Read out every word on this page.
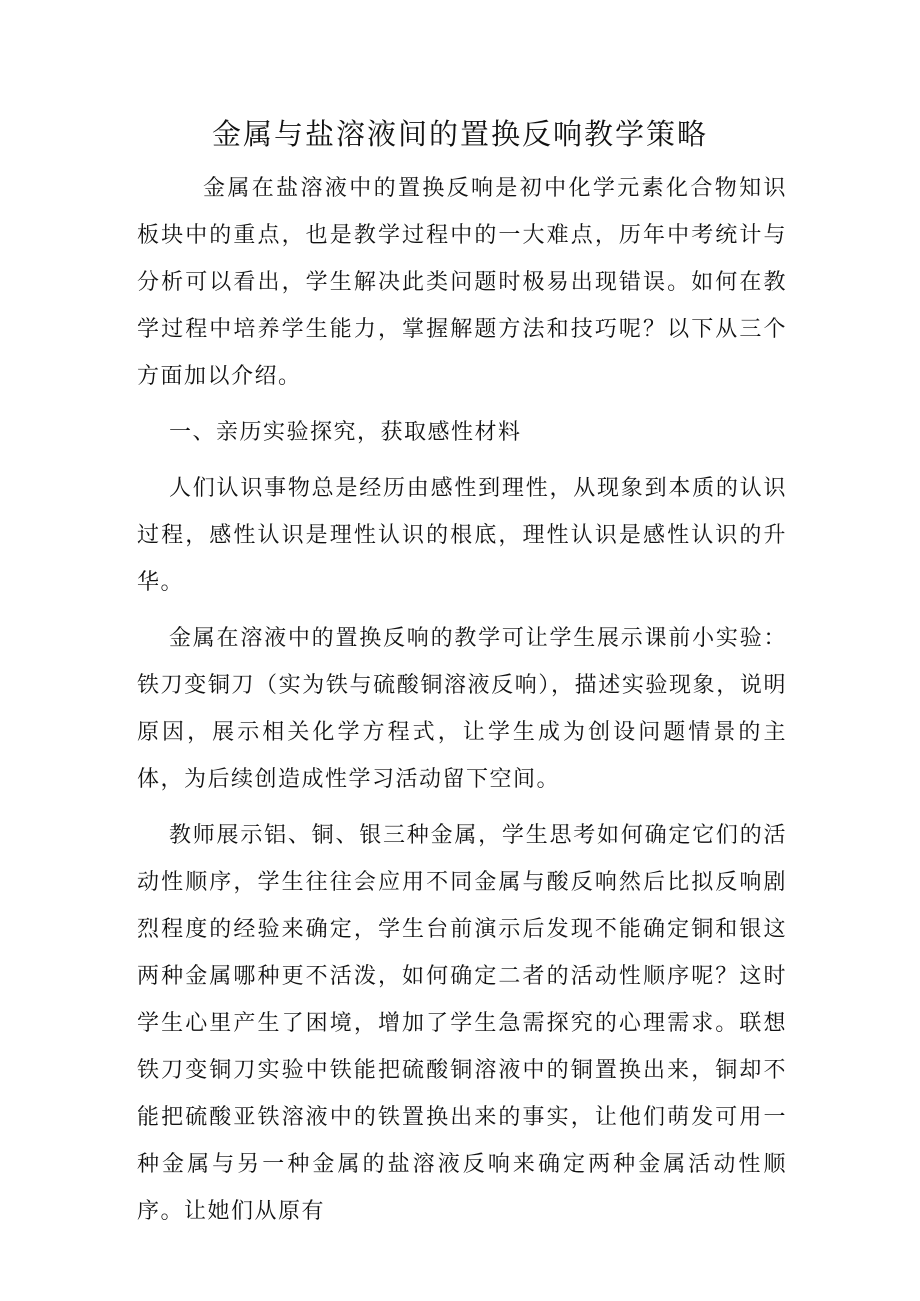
金属与盐溶液间的置换反响教学策略

金属在盐溶液中的置换反响是初中化学元素化合物知识板块中的重点，也是教学过程中的一大难点，历年中考统计与分析可以看出，学生解决此类问题时极易出现错误。如何在教学过程中培养学生能力，掌握解题方法和技巧呢？以下从三个方面加以介绍。

一、亲历实验探究，获取感性材料

人们认识事物总是经历由感性到理性，从现象到本质的认识过程，感性认识是理性认识的根底，理性认识是感性认识的升华。

金属在溶液中的置换反响的教学可让学生展示课前小实验：铁刀变铜刀（实为铁与硫酸铜溶液反响），描述实验现象，说明原因，展示相关化学方程式，让学生成为创设问题情景的主体，为后续创造成性学习活动留下空间。

教师展示铝、铜、银三种金属，学生思考如何确定它们的活动性顺序，学生往往会应用不同金属与酸反响然后比拟反响剧烈程度的经验来确定，学生台前演示后发现不能确定铜和银这两种金属哪种更不活泼，如何确定二者的活动性顺序呢？这时学生心里产生了困境，增加了学生急需探究的心理需求。联想铁刀变铜刀实验中铁能把硫酸铜溶液中的铜置换出来，铜却不能把硫酸亚铁溶液中的铁置换出来的事实，让他们萌发可用一种金属与另一种金属的盐溶液反响来确定两种金属活动性顺序。让她们从原有
